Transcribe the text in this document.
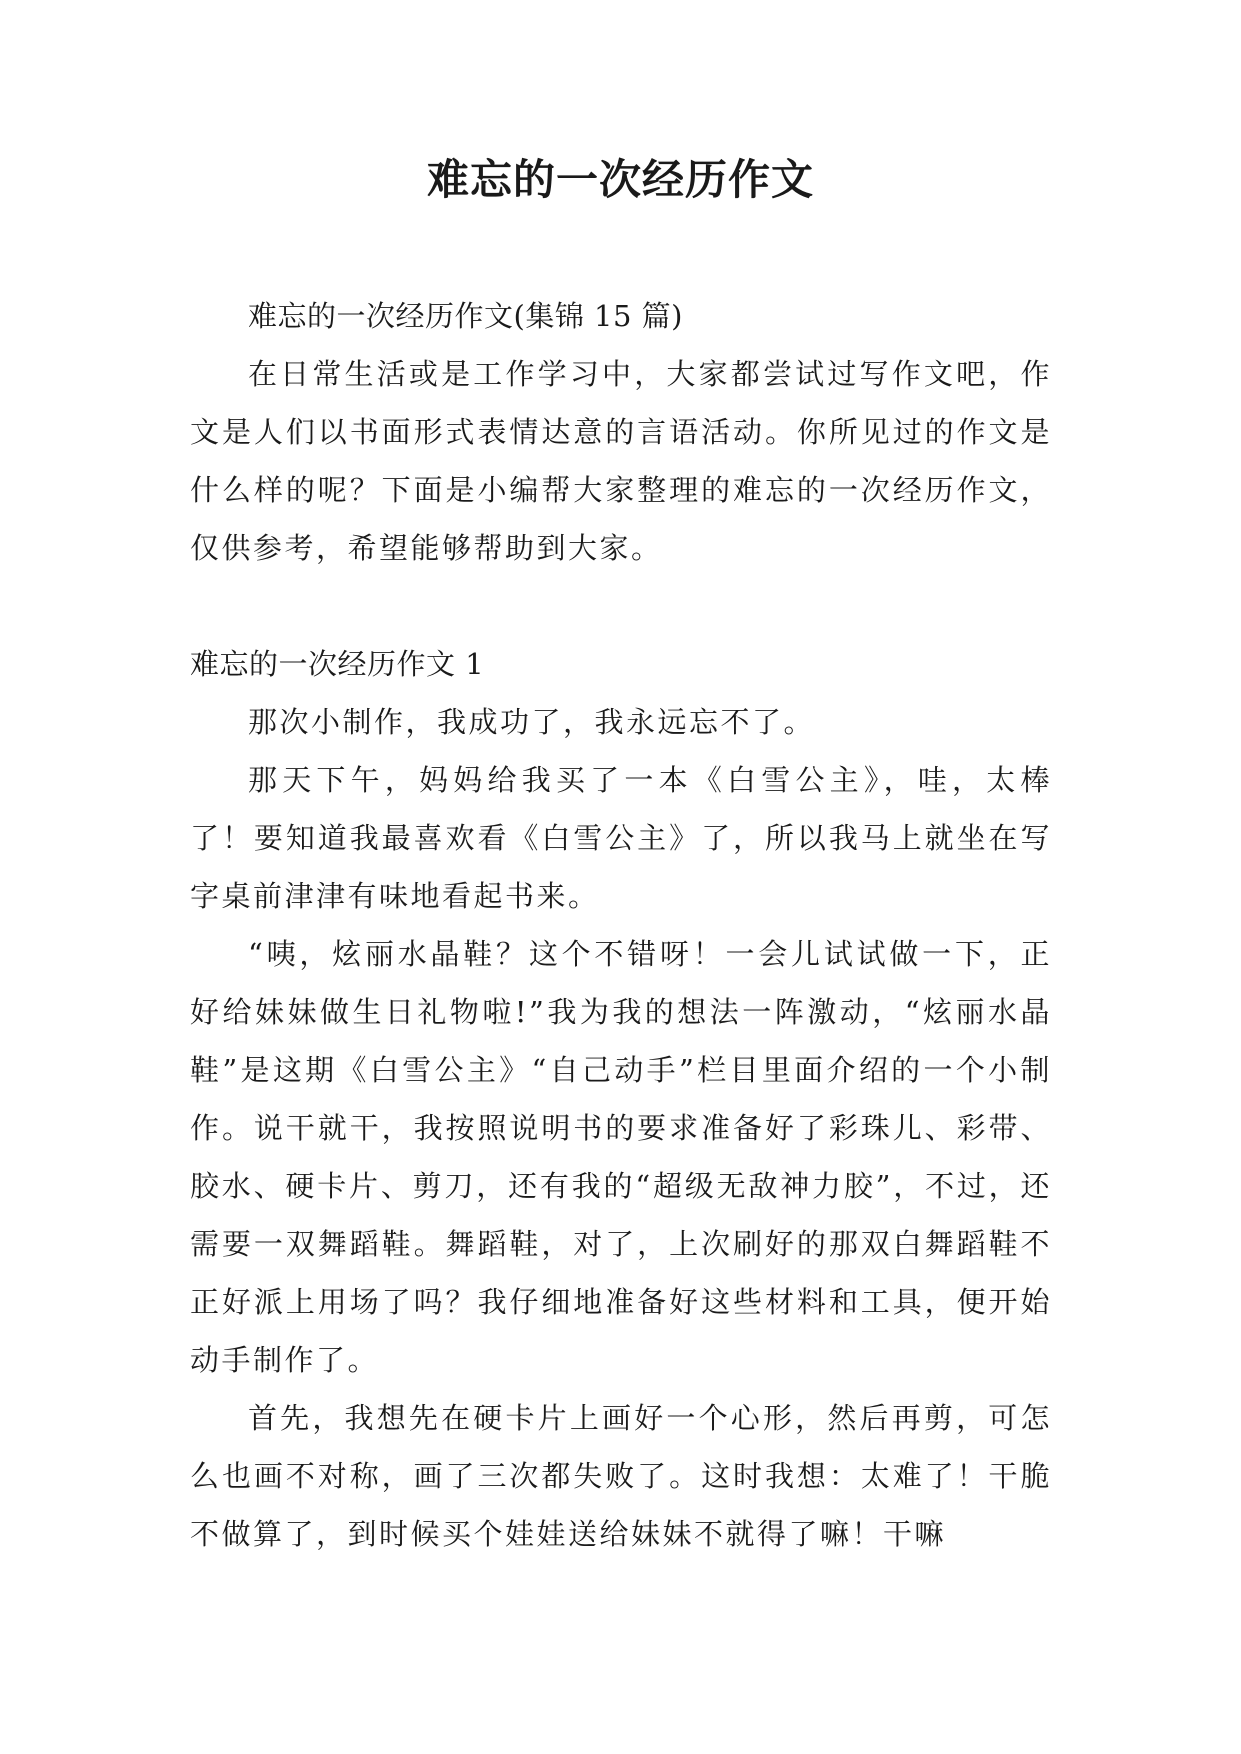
难忘的一次经历作文

难忘的一次经历作文(集锦 15 篇)

在日常生活或是工作学习中，大家都尝试过写作文吧，作文是人们以书面形式表情达意的言语活动。你所见过的作文是什么样的呢？下面是小编帮大家整理的难忘的一次经历作文，仅供参考，希望能够帮助到大家。

难忘的一次经历作文 1

那次小制作，我成功了，我永远忘不了。

那天下午，妈妈给我买了一本《白雪公主》，哇，太棒了！要知道我最喜欢看《白雪公主》了，所以我马上就坐在写字桌前津津有味地看起书来。

“咦，炫丽水晶鞋？这个不错呀！一会儿试试做一下，正好给妹妹做生日礼物啦!”我为我的想法一阵激动，“炫丽水晶鞋”是这期《白雪公主》“自己动手”栏目里面介绍的一个小制作。说干就干，我按照说明书的要求准备好了彩珠儿、彩带、胶水、硬卡片、剪刀，还有我的“超级无敌神力胶”，不过，还需要一双舞蹈鞋。舞蹈鞋，对了，上次刷好的那双白舞蹈鞋不正好派上用场了吗？我仔细地准备好这些材料和工具，便开始动手制作了。

首先，我想先在硬卡片上画好一个心形，然后再剪，可怎么也画不对称，画了三次都失败了。这时我想：太难了！干脆不做算了，到时候买个娃娃送给妹妹不就得了嘛！干嘛
